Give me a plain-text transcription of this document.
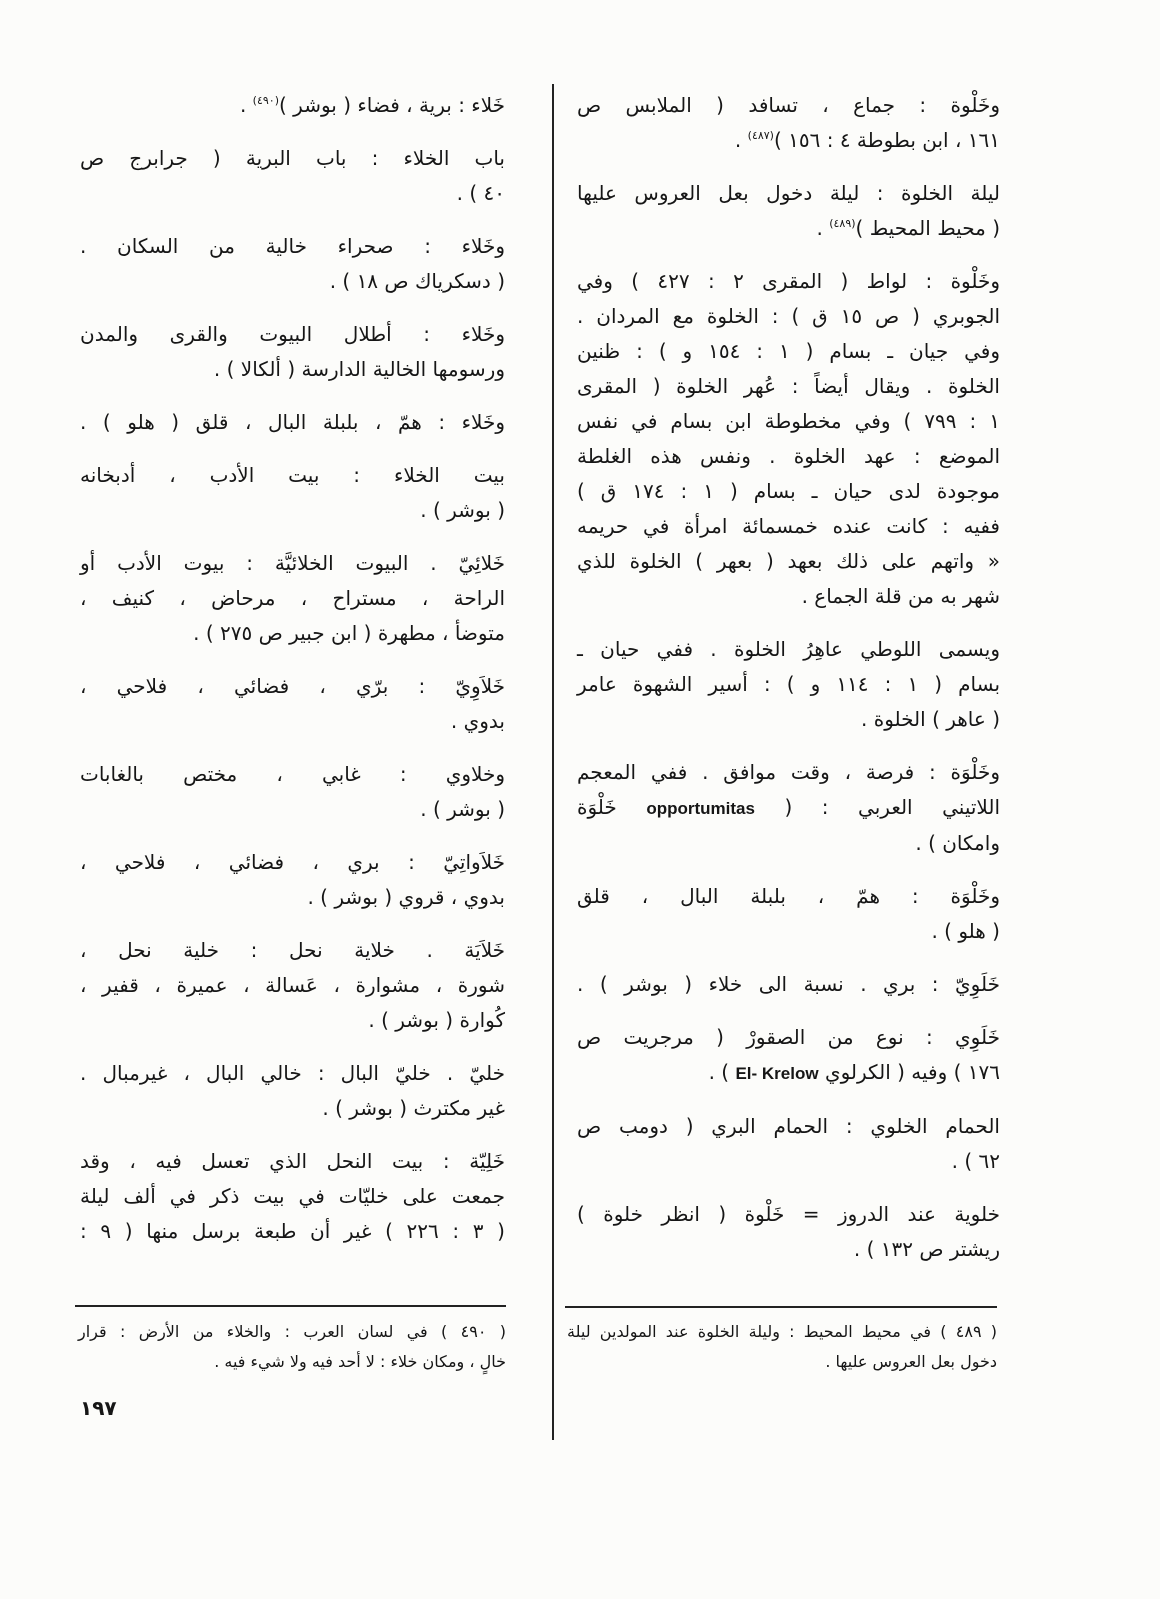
وخَلْوة : جماع ، تسافد ( الملابس ص
١٦١ ، ابن بطوطة ٤ : ١٥٦ )$^{(٤٨٧)}$ .
ليلة الخلوة : ليلة دخول بعل العروس عليها
( محيط المحيط )$^{(٤٨٩)}$ .
وخَلْوة : لواط ( المقرى ٢ : ٤٢٧ ) وفي
الجوبري ( ص ١٥ ق ) : الخلوة مع المردان .
وفي جيان ـ بسام ( ١ : ١٥٤ و ) : ظنين
الخلوة . ويقال أيضاً : عُهر الخلوة ( المقرى
١ : ٧٩٩ ) وفي مخطوطة ابن بسام في نفس
الموضع : عهد الخلوة . ونفس هذه الغلطة
موجودة لدى حيان ـ بسام ( ١ : ١٧٤ ق )
ففيه : كانت عنده خمسمائة امرأة في حريمه
« واتهم على ذلك بعهد ( بعهر ) الخلوة للذي
شهر به من قلة الجماع .
ويسمى اللوطي عاهِرُ الخلوة . ففي حيان ـ
بسام ( ١ : ١١٤ و ) : أسير الشهوة عامر
( عاهر ) الخلوة .
وخَلْوَة : فرصة ، وقت موافق . ففي المعجم
اللاتيني العربي : ( opportumitas خَلْوَة
وامكان ) .
وخَلْوَة : همّ ، بلبلة البال ، قلق
( هلو ) .
خَلَوِيّ : بري . نسبة الى خلاء ( بوشر ) .
خَلَوِي : نوع من الصقورْ ( مرجريت ص
١٧٦ ) وفيه ( الكرلوي El- Krelow ) .
الحمام الخلوي : الحمام البري ( دومب ص
٦٢ ) .
خلوية عند الدروز = خَلْوة ( انظر خلوة )
ريشتر ص ١٣٢ ) .
خَلاء : برية ، فضاء ( بوشر )$^{(٤٩٠)}$ .
باب الخلاء : باب البرية ( جرابرج ص
٤٠ ) .
وخَلاء : صحراء خالية من السكان .
( دسكرياك ص ١٨ ) .
وخَلاء : أطلال البيوت والقرى والمدن
ورسومها الخالية الدارسة ( ألكالا ) .
وخَلاء : همّ ، بلبلة البال ، قلق ( هلو ) .
بيت الخلاء : بيت الأدب ، أدبخانه
( بوشر ) .
خَلائِيّ . البيوت الخلائيَّة : بيوت الأدب أو
الراحة ، مستراح ، مرحاض ، كنيف ،
متوضأ ، مطهرة ( ابن جبير ص ٢٧٥ ) .
خَلاَوِيّ : برّي ، فضائي ، فلاحي ،
بدوي .
وخلاوي : غابي ، مختص بالغابات
( بوشر ) .
خَلاَواتِيّ : بري ، فضائي ، فلاحي ،
بدوي ، قروي ( بوشر ) .
خَلاَيَة . خلاية نحل : خلية نحل ،
شورة ، مشوارة ، عَسالة ، عميرة ، قفير ،
كُوارة ( بوشر ) .
خليّ . خليّ البال : خالي البال ، غيرمبال .
غير مكترث ( بوشر ) .
خَلِيّة : بيت النحل الذي تعسل فيه ، وقد
جمعت على خليّات في بيت ذكر في ألف ليلة
( ٣ : ٢٢٦ ) غير أن طبعة برسل منها ( ٩ :
( ٤٨٩ ) في محيط المحيط : وليلة الخلوة عند المولدين ليلة
دخول بعل العروس عليها .
( ٤٩٠ ) في لسان العرب : والخلاء من الأرض : قرار
خالٍ ، ومكان خلاء : لا أحد فيه ولا شيء فيه .
١٩٧
